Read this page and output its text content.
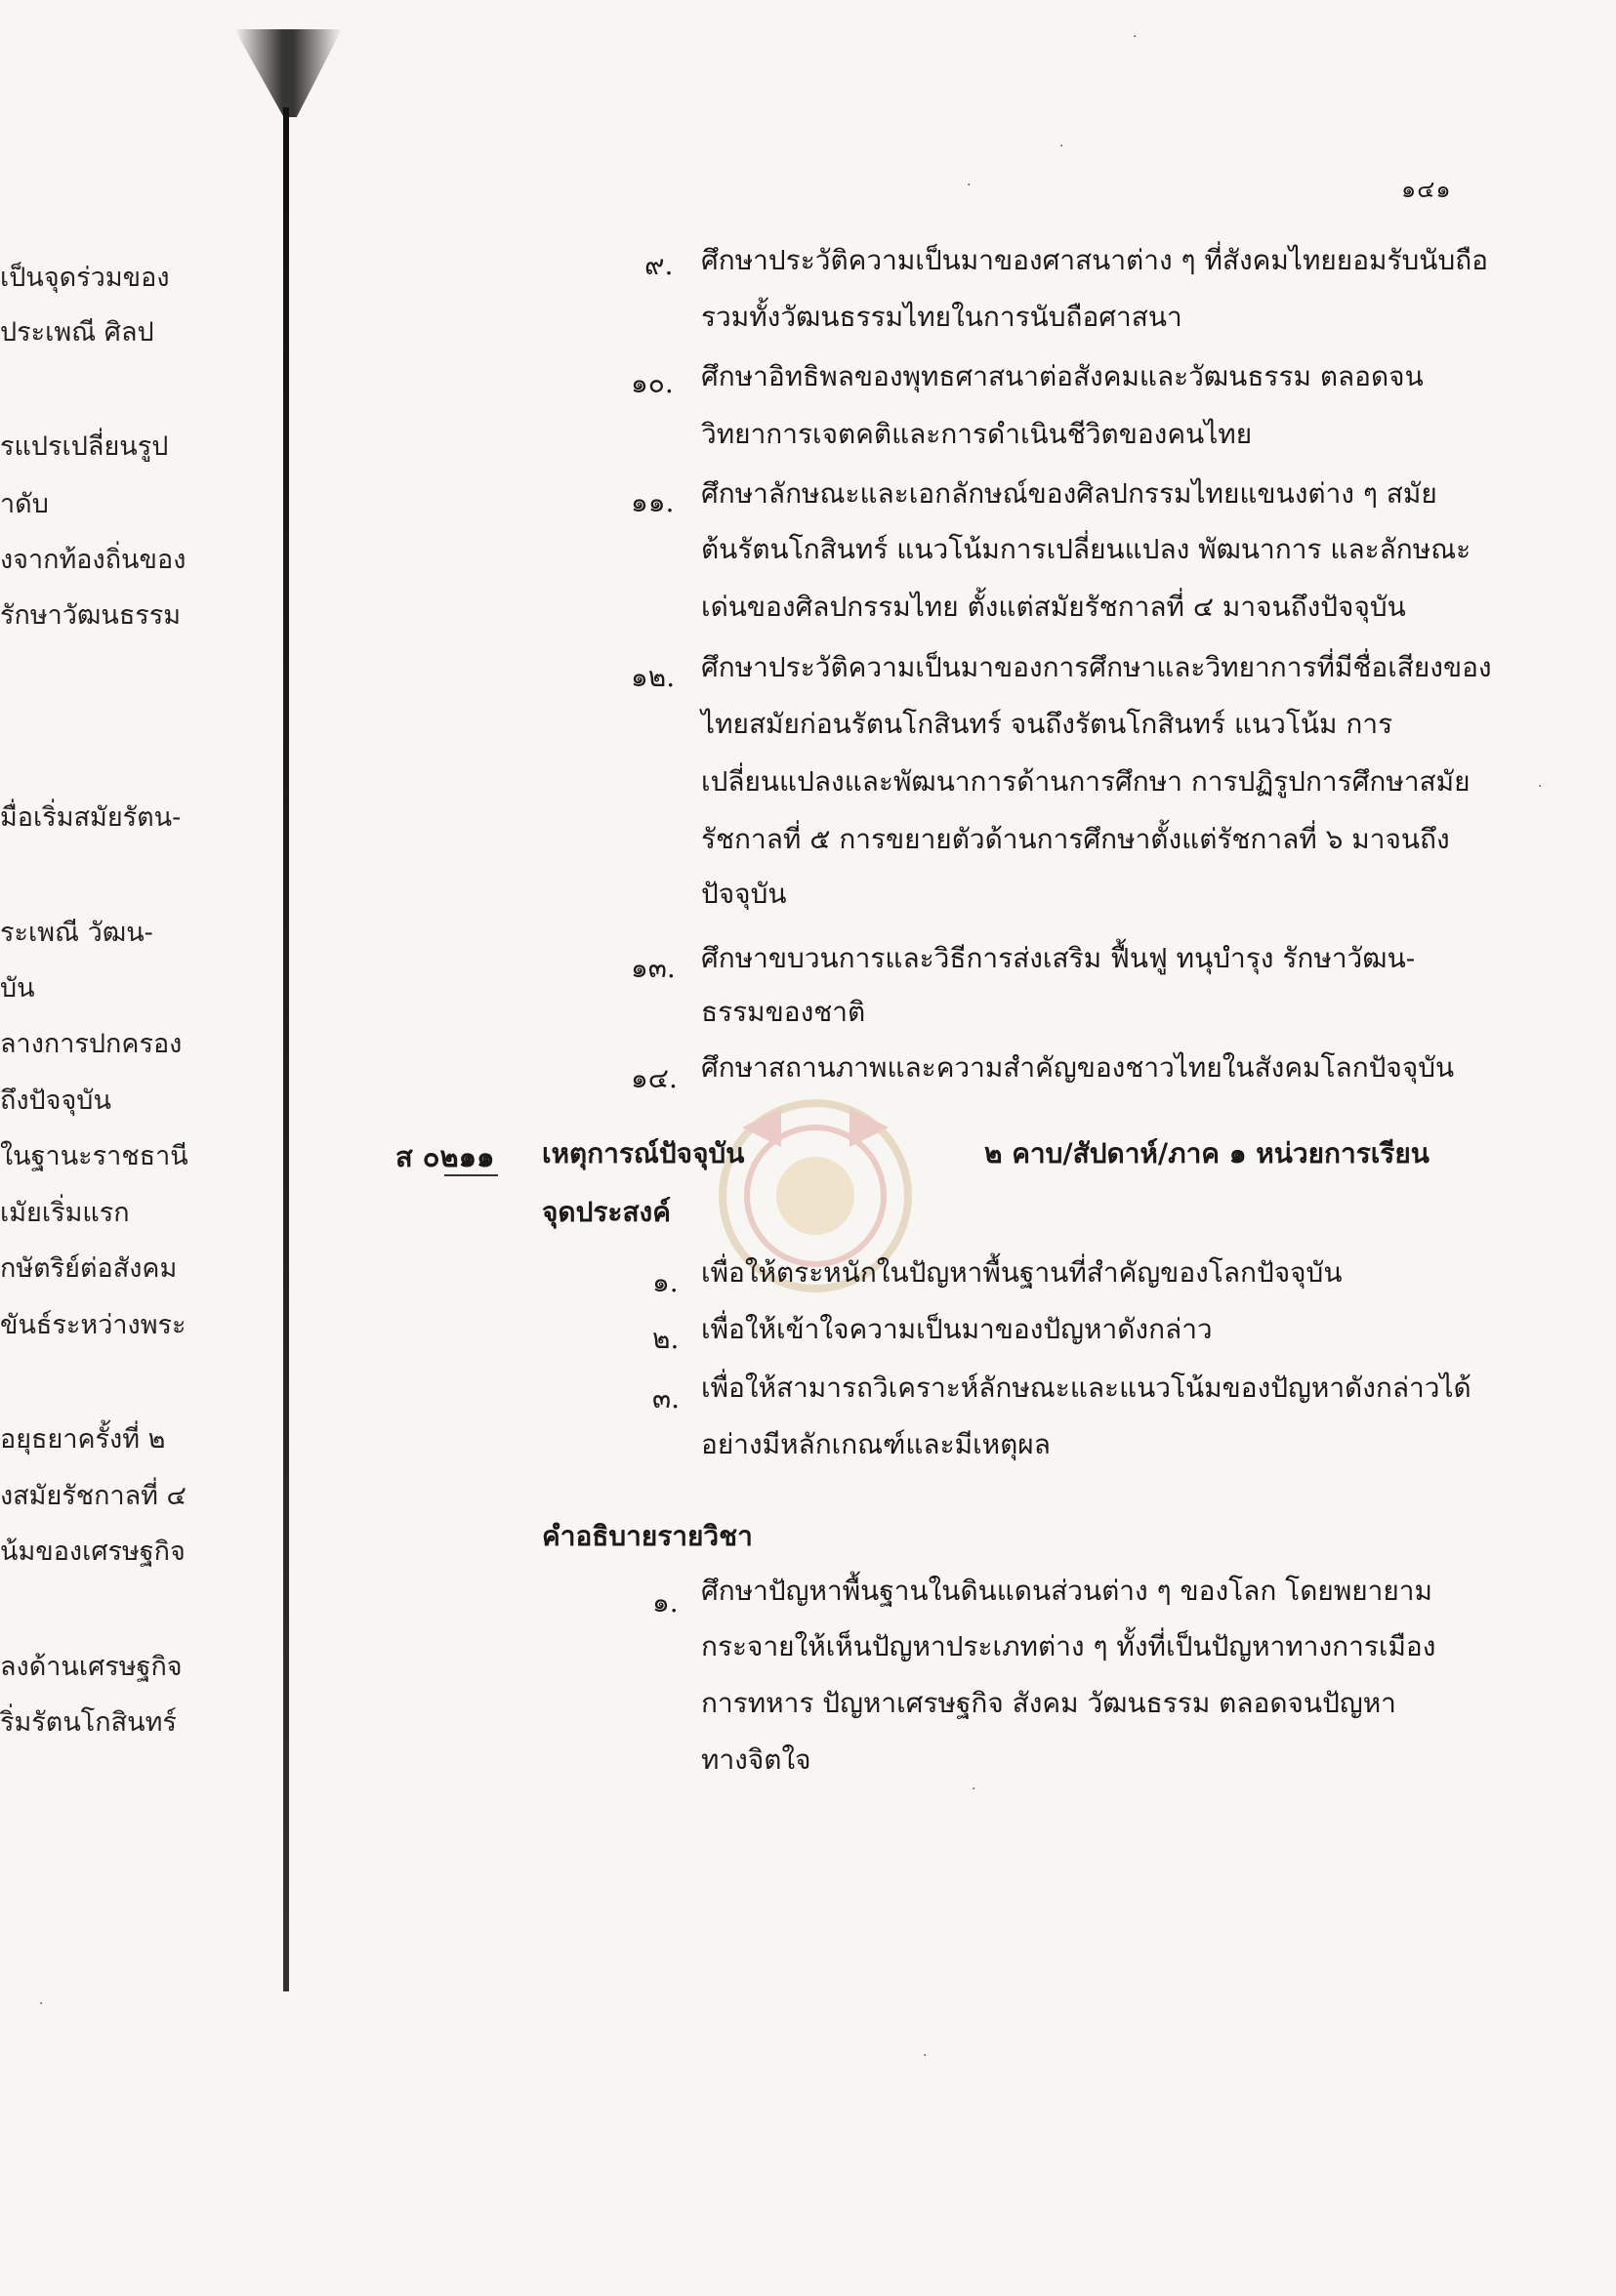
เป็นจุดร่วมของ
ประเพณี ศิลป
รแปรเปลี่ยนรูป
าดับ
งจากท้องถิ่นของ
รักษาวัฒนธรรม
มื่อเริ่มสมัยรัตน-
ระเพณี วัฒน-
บัน
ลางการปกครอง
ถึงปัจจุบัน
ในฐานะราชธานี
เมัยเริ่มแรก
กษัตริย์ต่อสังคม
ขันธ์ระหว่างพระ
่อยุธยาครั้งที่ ๒
งสมัยรัชกาลที่ ๔
น้มของเศรษฐกิจ
ลงด้านเศรษฐกิจ
ริ่มรัตนโกสินทร์
·
·
·
·
·
·
·
๑๔๑
๙. ศึกษาประวัติความเป็นมาของศาสนาต่าง ๆ ที่สังคมไทยยอมรับนับถือ
รวมทั้งวัฒนธรรมไทยในการนับถือศาสนา
๑๐. ศึกษาอิทธิพลของพุทธศาสนาต่อสังคมและวัฒนธรรม ตลอดจน
วิทยาการเจตคติและการดำเนินชีวิตของคนไทย
๑๑. ศึกษาลักษณะและเอกลักษณ์ของศิลปกรรมไทยแขนงต่าง ๆ สมัย
ต้นรัตนโกสินทร์ แนวโน้มการเปลี่ยนแปลง พัฒนาการ และลักษณะ
เด่นของศิลปกรรมไทย ตั้งแต่สมัยรัชกาลที่ ๔ มาจนถึงปัจจุบัน
๑๒. ศึกษาประวัติความเป็นมาของการศึกษาและวิทยาการที่มีชื่อเสียงของ
ไทยสมัยก่อนรัตนโกสินทร์ จนถึงรัตนโกสินทร์ แนวโน้ม การ
เปลี่ยนแปลงและพัฒนาการด้านการศึกษา การปฏิรูปการศึกษาสมัย
รัชกาลที่ ๕ การขยายตัวด้านการศึกษาตั้งแต่รัชกาลที่ ๖ มาจนถึง
ปัจจุบัน
๑๓. ศึกษาขบวนการและวิธีการส่งเสริม ฟื้นฟู ทนุบำรุง รักษาวัฒน-
ธรรมของชาติ
๑๔. ศึกษาสถานภาพและความสำคัญของชาวไทยในสังคมโลกปัจจุบัน
ส ๐๒๑๑ เหตุการณ์ปัจจุบัน	๒ คาบ/สัปดาห์/ภาค ๑ หน่วยการเรียน
จุดประสงค์
๑. เพื่อให้ตระหนักในปัญหาพื้นฐานที่สำคัญของโลกปัจจุบัน
๒. เพื่อให้เข้าใจความเป็นมาของปัญหาดังกล่าว
๓. เพื่อให้สามารถวิเคราะห์ลักษณะและแนวโน้มของปัญหาดังกล่าวได้
อย่างมีหลักเกณฑ์และมีเหตุผล
คำอธิบายรายวิชา
๑. ศึกษาปัญหาพื้นฐานในดินแดนส่วนต่าง ๆ ของโลก โดยพยายาม
กระจายให้เห็นปัญหาประเภทต่าง ๆ ทั้งที่เป็นปัญหาทางการเมือง
การทหาร ปัญหาเศรษฐกิจ สังคม วัฒนธรรม ตลอดจนปัญหา
ทางจิตใจ
